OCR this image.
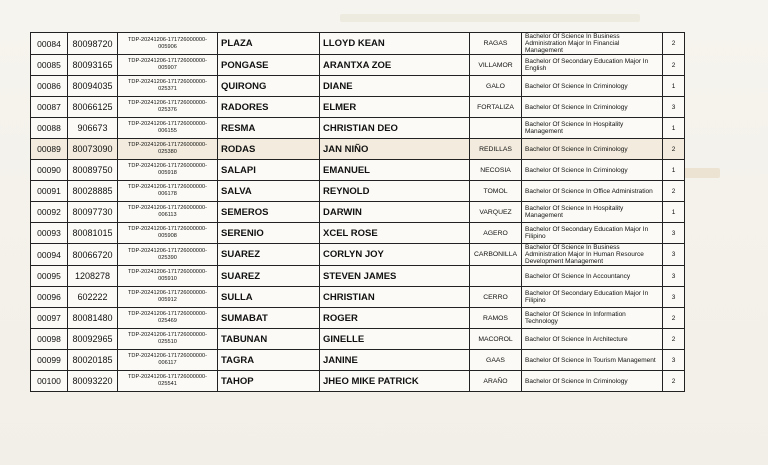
00084	80098720	TDP-20241206-171726000000-005906	PLAZA	LLOYD KEAN	RAGAS	Bachelor Of Science In Business Administration Major In Financial Management	2
00085	80093165	TDP-20241206-171726000000-005907	PONGASE	ARANTXA ZOE	VILLAMOR	Bachelor Of Secondary Education Major In English	2
00086	80094035	TDP-20241206-171726000000-025371	QUIRONG	DIANE	GALO	Bachelor Of Science In Criminology	1
00087	80066125	TDP-20241206-171726000000-025376	RADORES	ELMER	FORTALIZA	Bachelor Of Science In Criminology	3
00088	906673	TDP-20241206-171726000000-006155	RESMA	CHRISTIAN DEO		Bachelor Of Science In Hospitality Management	1
00089	80073090	TDP-20241206-171726000000-025380	RODAS	JAN NIÑO	REDILLAS	Bachelor Of Science In Criminology	2
00090	80089750	TDP-20241206-171726000000-005918	SALAPI	EMANUEL	NECOSIA	Bachelor Of Science In Criminology	1
00091	80028885	TDP-20241206-171726000000-006178	SALVA	REYNOLD	TOMOL	Bachelor Of Science In Office Administration	2
00092	80097730	TDP-20241206-171726000000-006113	SEMEROS	DARWIN	VARQUEZ	Bachelor Of Science In Hospitality Management	1
00093	80081015	TDP-20241206-171726000000-005908	SERENIO	XCEL ROSE	AGERO	Bachelor Of Secondary Education Major In Filipino	3
00094	80066720	TDP-20241206-171726000000-025390	SUAREZ	CORLYN JOY	CARBONILLA	Bachelor Of Science In Business Administration Major In Human Resource Development Management	3
00095	1208278	TDP-20241206-171726000000-005910	SUAREZ	STEVEN JAMES		Bachelor Of Science In Accountancy	3
00096	602222	TDP-20241206-171726000000-005912	SULLA	CHRISTIAN	CERRO	Bachelor Of Secondary Education Major In Filipino	3
00097	80081480	TDP-20241206-171726000000-025469	SUMABAT	ROGER	RAMOS	Bachelor Of Science In Information Technology	2
00098	80092965	TDP-20241206-171726000000-025510	TABUNAN	GINELLE	MACOROL	Bachelor Of Science In Architecture	2
00099	80020185	TDP-20241206-171726000000-006117	TAGRA	JANINE	GAAS	Bachelor Of Science In Tourism Management	3
00100	80093220	TDP-20241206-171726000000-025541	TAHOP	JHEO MIKE PATRICK	ARAÑO	Bachelor Of Science In Criminology	2
